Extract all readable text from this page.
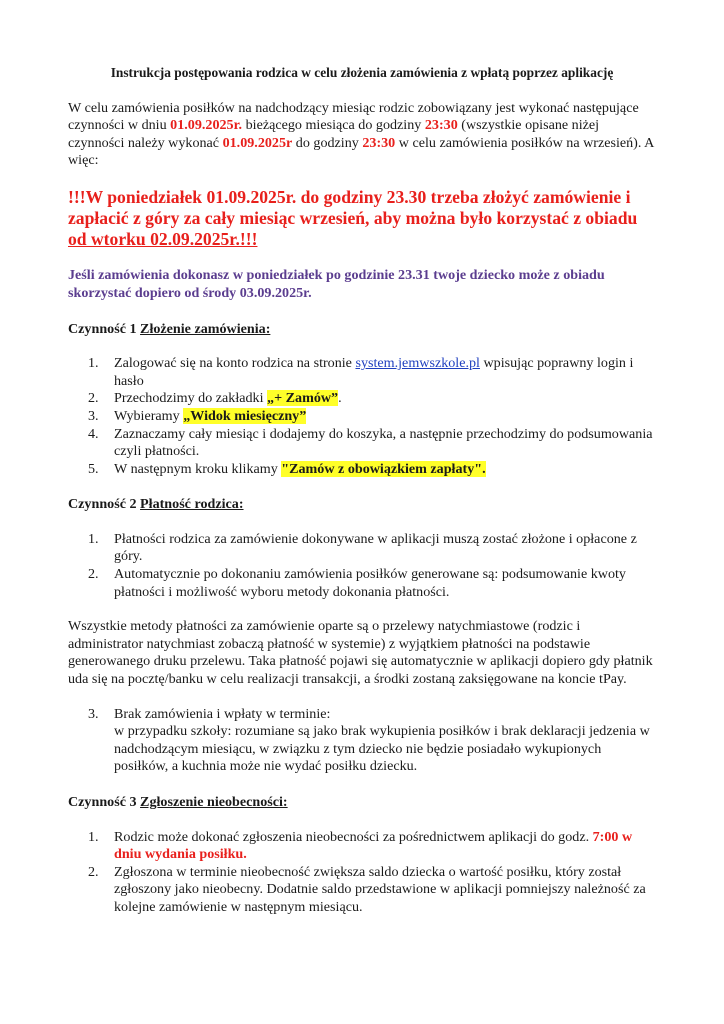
Instrukcja postępowania rodzica w celu złożenia zamówienia z wpłatą poprzez aplikację

W celu zamówienia posiłków na nadchodzący miesiąc rodzic zobowiązany jest wykonać następujące czynności w dniu 01.09.2025r. bieżącego miesiąca do godziny 23:30 (wszystkie opisane niżej czynności należy wykonać 01.09.2025r do godziny 23:30 w celu zamówienia posiłków na wrzesień). A więc:

!!!W poniedziałek 01.09.2025r. do godziny 23.30 trzeba złożyć zamówienie i zapłacić z góry za cały miesiąc wrzesień, aby można było korzystać z obiadu od wtorku 02.09.2025r.!!!

Jeśli zamówienia dokonasz w poniedziałek po godzinie 23.31 twoje dziecko może z obiadu skorzystać dopiero od środy 03.09.2025r.

Czynność 1 Złożenie zamówienia:

1. Zalogować się na konto rodzica na stronie system.jemwszkole.pl wpisując poprawny login i hasło
2. Przechodzimy do zakładki „+ Zamów”.
3. Wybieramy „Widok miesięczny”
4. Zaznaczamy cały miesiąc i dodajemy do koszyka, a następnie przechodzimy do podsumowania czyli płatności.
5. W następnym kroku klikamy "Zamów z obowiązkiem zapłaty".

Czynność 2 Płatność rodzica:

1. Płatności rodzica za zamówienie dokonywane w aplikacji muszą zostać złożone i opłacone z góry.
2. Automatycznie po dokonaniu zamówienia posiłków generowane są: podsumowanie kwoty płatności i możliwość wyboru metody dokonania płatności.

Wszystkie metody płatności za zamówienie oparte są o przelewy natychmiastowe (rodzic i administrator natychmiast zobaczą płatność w systemie) z wyjątkiem płatności na podstawie generowanego druku przelewu. Taka płatność pojawi się automatycznie w aplikacji dopiero gdy płatnik uda się na pocztę/banku w celu realizacji transakcji, a środki zostaną zaksięgowane na koncie tPay.

3. Brak zamówienia i wpłaty w terminie:
w przypadku szkoły: rozumiane są jako brak wykupienia posiłków i brak deklaracji jedzenia w nadchodzącym miesiącu, w związku z tym dziecko nie będzie posiadało wykupionych posiłków, a kuchnia może nie wydać posiłku dziecku.

Czynność 3 Zgłoszenie nieobecności:

1. Rodzic może dokonać zgłoszenia nieobecności za pośrednictwem aplikacji do godz. 7:00 w dniu wydania posiłku.
2. Zgłoszona w terminie nieobecność zwiększa saldo dziecka o wartość posiłku, który został zgłoszony jako nieobecny. Dodatnie saldo przedstawione w aplikacji pomniejszy należność za kolejne zamówienie w następnym miesiącu.
